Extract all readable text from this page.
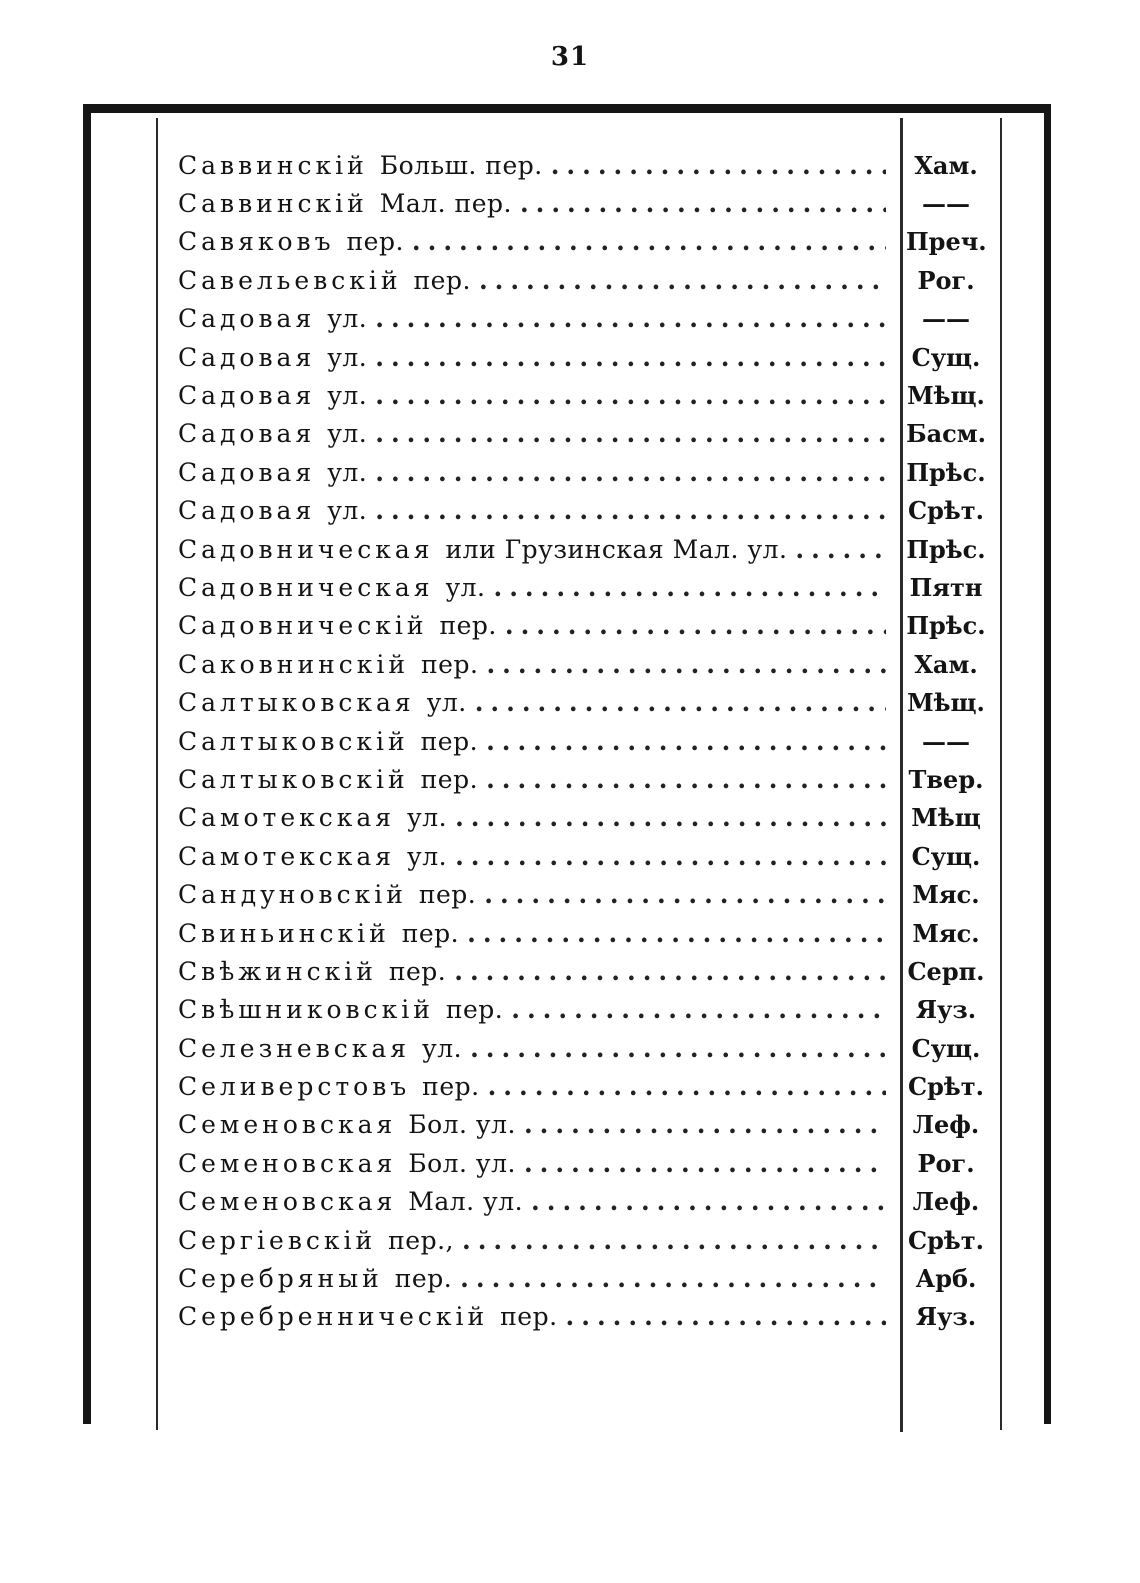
31
Саввинскій Больш. пер. .....	Хам.
Саввинскій Мал. пер. .....	——
Савяковъ пер. .....	Преч.
Савельевскій пер. .....	Рог.
Садовая ул. .....	——
Садовая ул. .....	Сущ.
Садовая ул. .....	Мѣщ.
Садовая ул. .....	Басм.
Садовая ул. .....	Прѣс.
Садовая ул. .....	Срѣт.
Садовническая или Грузинская Мал. ул. .....	Прѣс.
Садовническая ул. .....	Пятн
Садовническій пер. .....	Прѣс.
Саковнинскій пер. .....	Хам.
Салтыковская ул. .....	Мѣщ.
Салтыковскій пер. .....	——
Салтыковскій пер. .....	Твер.
Самотекская ул. .....	Мѣщ
Самотекская ул. .....	Сущ.
Сандуновскій пер. .....	Мяс.
Свиньинскій пер. .....	Мяс.
Свѣжинскій пер. .....	Серп.
Свѣшниковскій пер. .....	Яуз.
Селезневская ул. .....	Сущ.
Селиверстовъ пер. .....	Срѣт.
Семеновская Бол. ул. .....	Леф.
Семеновская Бол. ул. .....	Рог.
Семеновская Мал. ул. .....	Леф.
Сергіевскій пер., .....	Срѣт.
Серебряный пер. .....	Арб.
Серебренническій пер. .....	Яуз.
